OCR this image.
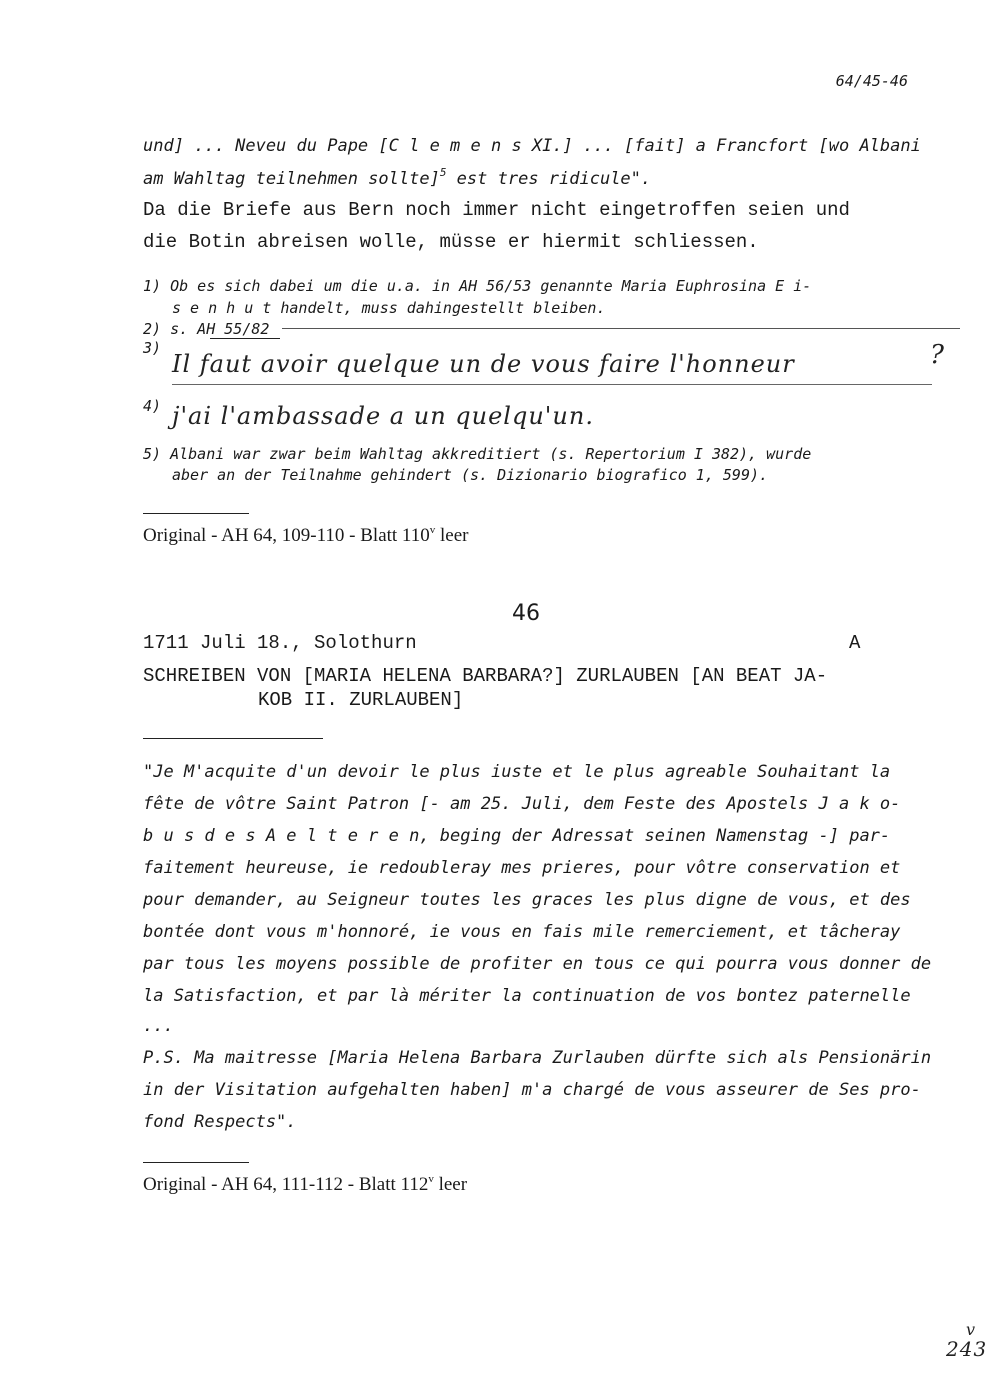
64/45-46
und] ... Neveu du Pape [C l e m e n s XI.] ... [fait] a Francfort [wo Albani
am Wahltag teilnehmen sollte]$^5$ est tres ridicule".
Da die Briefe aus Bern noch immer nicht eingetroffen seien und
die Botin abreisen wolle, müsse er hiermit schliessen.
1) Ob es sich dabei um die u.a. in AH 56/53 genannte Maria Euphrosina E i-
s e n h u t handelt, muss dahingestellt bleiben.
2) s. AH 55/82
3)
Il faut avoir quelque un de vous faire l'honneur	?
4) j'ai l'ambassade a un quelqu'un.
5) Albani war zwar beim Wahltag akkreditiert (s. Repertorium I 382), wurde
aber an der Teilnahme gehindert (s. Dizionario biografico 1, 599).
Original - AH 64, 109-110 - Blatt 110$^v$ leer
46
1711 Juli 18., Solothurn	A
SCHREIBEN VON [MARIA HELENA BARBARA?] ZURLAUBEN [AN BEAT JA-
KOB II. ZURLAUBEN]
"Je M'acquite d'un devoir le plus iuste et le plus agreable Souhaitant la
fête de vôtre Saint Patron [- am 25. Juli, dem Feste des Apostels J a k o-
b u s d e s A e l t e r e n, beging der Adressat seinen Namenstag -] par-
faitement heureuse, ie redoubleray mes prieres, pour vôtre conservation et
pour demander, au Seigneur toutes les graces les plus digne de vous, et des
bontée dont vous m'honnoré, ie vous en fais mile remerciement, et tâcheray
par tous les moyens possible de profiter en tous ce qui pourra vous donner de
la Satisfaction, et par là mériter la continuation de vos bontez paternelle
...
P.S. Ma maitresse [Maria Helena Barbara Zurlauben dürfte sich als Pensionärin
in der Visitation aufgehalten haben] m'a chargé de vous asseurer de Ses pro-
fond Respects".
Original - AH 64, 111-112 - Blatt 112$^v$ leer
v
243
